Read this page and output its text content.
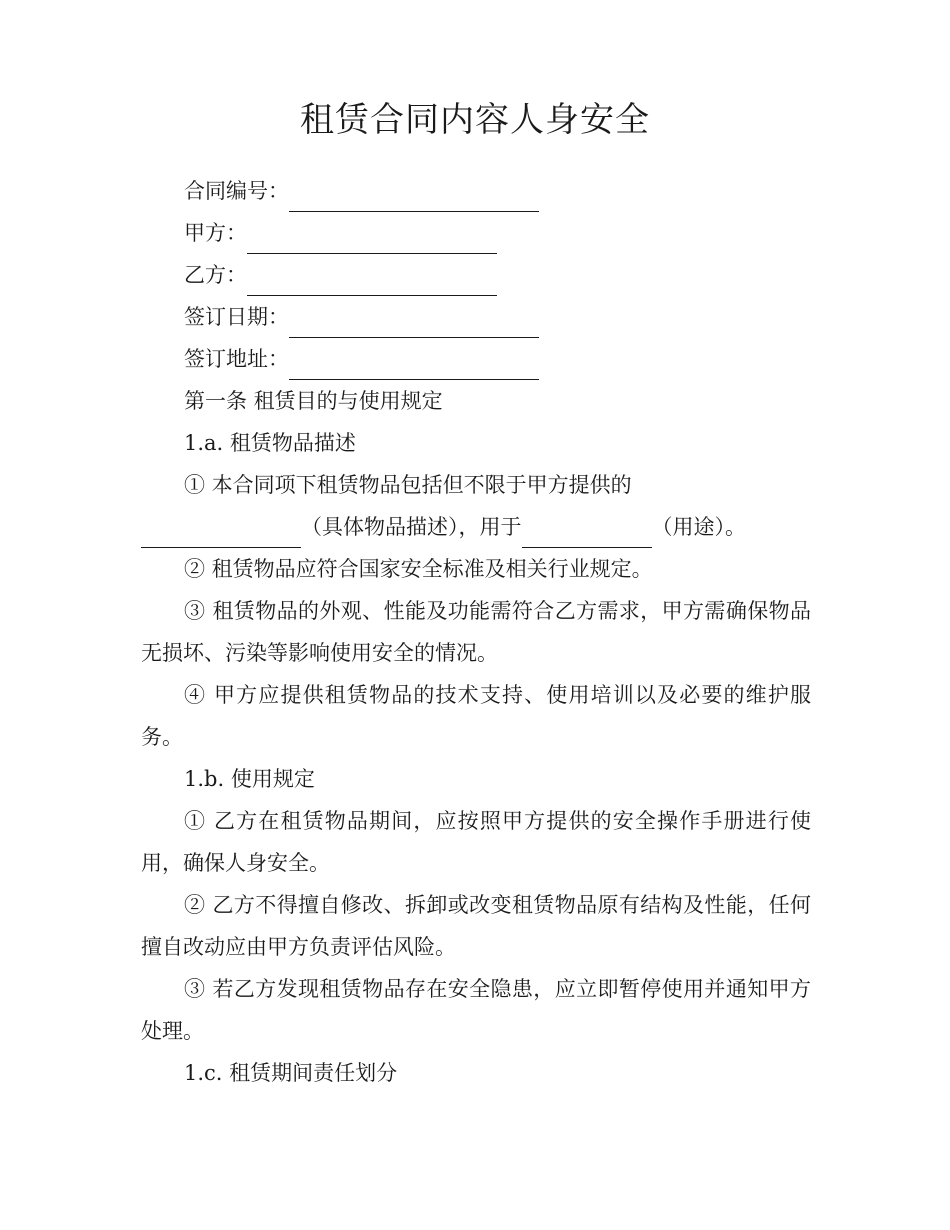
租赁合同内容人身安全

合同编号：

甲方：

乙方：

签订日期：

签订地址：

第一条 租赁目的与使用规定

1.a. 租赁物品描述

① 本合同项下租赁物品包括但不限于甲方提供的

（具体物品描述），用于	（用途）。

② 租赁物品应符合国家安全标准及相关行业规定。

③ 租赁物品的外观、性能及功能需符合乙方需求，甲方需确保物品无损坏、污染等影响使用安全的情况。

④ 甲方应提供租赁物品的技术支持、使用培训以及必要的维护服务。

1.b. 使用规定

① 乙方在租赁物品期间，应按照甲方提供的安全操作手册进行使用，确保人身安全。

② 乙方不得擅自修改、拆卸或改变租赁物品原有结构及性能，任何擅自改动应由甲方负责评估风险。

③ 若乙方发现租赁物品存在安全隐患，应立即暂停使用并通知甲方处理。

1.c. 租赁期间责任划分
